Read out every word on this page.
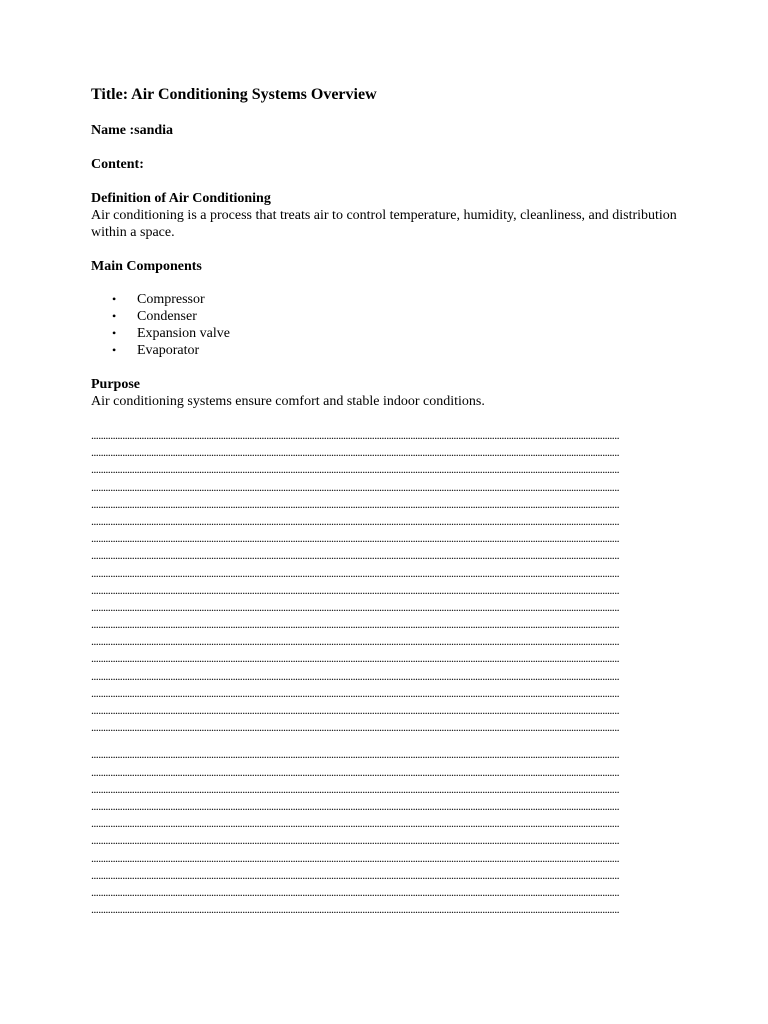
Title: Air Conditioning Systems Overview
Name :sandia
Content:
Definition of Air Conditioning
Air conditioning is a process that treats air to control temperature, humidity, cleanliness, and distribution within a space.
Main Components
• Compressor
• Condenser
• Expansion valve
• Evaporator
Purpose
Air conditioning systems ensure comfort and stable indoor conditions.
............................................................................................................................................................................................................................
............................................................................................................................................................................................................................
............................................................................................................................................................................................................................
............................................................................................................................................................................................................................
............................................................................................................................................................................................................................
............................................................................................................................................................................................................................
............................................................................................................................................................................................................................
............................................................................................................................................................................................................................
............................................................................................................................................................................................................................
............................................................................................................................................................................................................................
............................................................................................................................................................................................................................
............................................................................................................................................................................................................................
............................................................................................................................................................................................................................
............................................................................................................................................................................................................................
............................................................................................................................................................................................................................
............................................................................................................................................................................................................................
............................................................................................................................................................................................................................
............................................................................................................................................................................................................................
............................................................................................................................................................................................................................
............................................................................................................................................................................................................................
............................................................................................................................................................................................................................
............................................................................................................................................................................................................................
............................................................................................................................................................................................................................
............................................................................................................................................................................................................................
............................................................................................................................................................................................................................
............................................................................................................................................................................................................................
............................................................................................................................................................................................................................
............................................................................................................................................................................................................................
